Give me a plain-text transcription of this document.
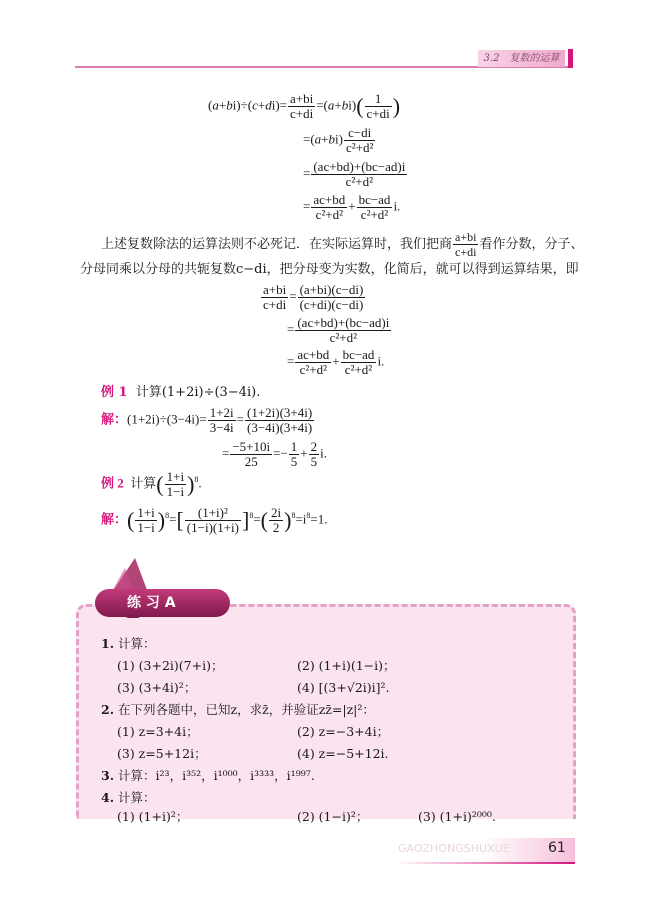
3.2　复数的运算
$(a+bi)\div(c+di)= \frac{a+bi}{c+di} =(a+bi)( \frac{1}{c+di}$ )
$=(a+bi) \frac{c-di}{\text{c²+d²}}$
= $\frac{(ac+bd)+(bc-ad)i}{\text{c²+d²}}$
= $\frac{ac+bd}{\text{c²+d²}} + \frac{bc-ad}{\text{c²+d²}} i$.
上述复数除法的运算法则不必死记．在实际运算时，我们把商 $\frac{a+bi}{c+di}$ 看作分数，分子、
分母同乘以分母的共轭复数c−di，把分母变为实数，化简后，就可以得到运算结果，即
$\frac{a+bi}{c+di} = \frac{(a+bi)(c-di)}{(c+di)(c-di)}$
= $\frac{(ac+bd)+(bc-ad)i}{\text{c²+d²}}$
= $\frac{ac+bd}{\text{c²+d²}} + \frac{bc-ad}{\text{c²+d²}} i$.
例 1 计算(1+2i)÷(3−4i).
解：$(1+2i)\div(3-4i)= \frac{1+2i}{3-4i} = \frac{(1+2i)(3+4i)}{(3-4i)(3+4i)}$
= $\frac{-5+10i}{25} =- \frac{1}{5} + \frac{2}{5} i$.
例 2  计算( $\frac{1+i}{1-i} )^8$.
解：( $\frac{1+i}{1-i} )^8=[ \frac{\text{(1+i)²}}{(1-i)(1+i)} ]^8=( \frac{2i}{2} )^8=i^8=1$.
练 习 A
1. 计算：
(1) (3+2i)(7+i)；	(2) (1+i)(1−i)；
(3) (3+4i)²；	(4) [(3+√2i)i]².
2. 在下列各题中，已知z，求z̄，并验证zz̄=|z|²：
(1) z=3+4i；	(2) z=−3+4i；
(3) z=5+12i；	(4) z=−5+12i.
3. 计算：i²³，i³⁵²，i¹⁰⁰⁰，i³³³³，i¹⁹⁹⁷.
4. 计算：
(1) (1+i)²；	(2) (1−i)²；	(3) (1+i)²⁰⁰⁰.
GAOZHONGSHUXUE	61
